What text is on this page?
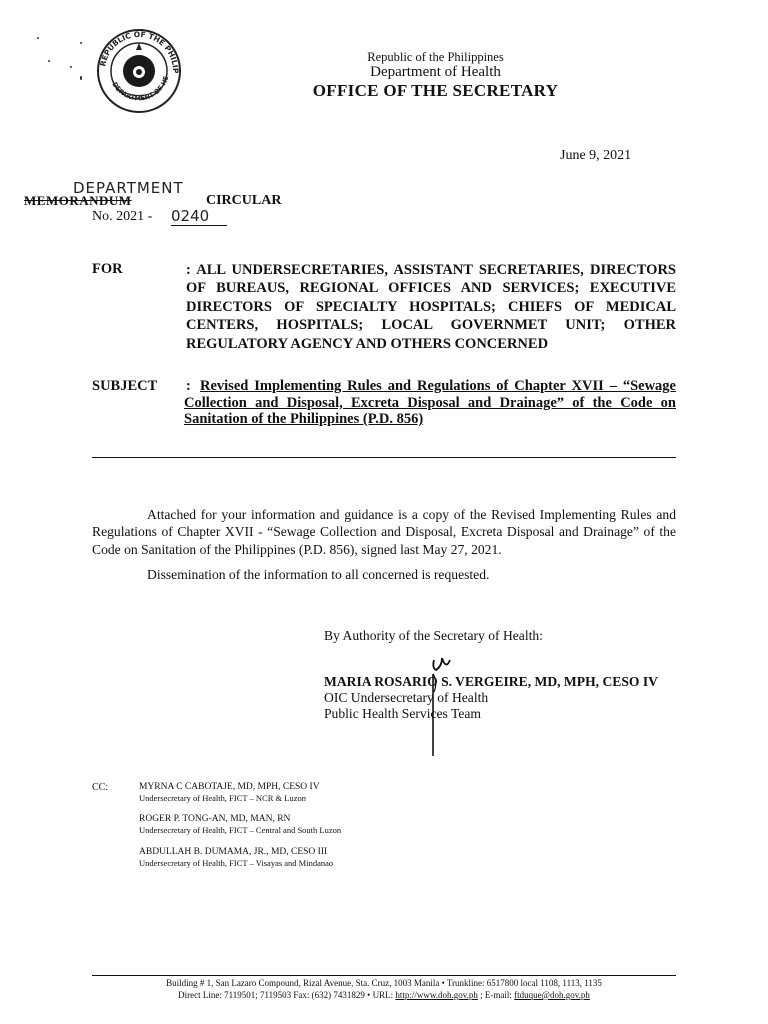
REPUBLIC OF THE PHILIP
DEPARTMENT OF HE
Republic of the Philippines
Department of Health
OFFICE OF THE SECRETARY
June 9, 2021
DEPARTMENT
MEMORANDUM	CIRCULAR
No. 2021 - 0240
FOR	: ALL UNDERSECRETARIES, ASSISTANT SECRETARIES, DIRECTORS OF BUREAUS, REGIONAL OFFICES AND SERVICES; EXECUTIVE DIRECTORS OF SPECIALTY HOSPITALS; CHIEFS OF MEDICAL CENTERS, HOSPITALS; LOCAL GOVERNMET UNIT; OTHER REGULATORY AGENCY AND OTHERS CONCERNED
SUBJECT : Revised Implementing Rules and Regulations of Chapter XVII – “Sewage Collection and Disposal, Excreta Disposal and Drainage” of the Code on Sanitation of the Philippines (P.D. 856)
Attached for your information and guidance is a copy of the Revised Implementing Rules and Regulations of Chapter XVII - “Sewage Collection and Disposal, Excreta Disposal and Drainage” of the Code on Sanitation of the Philippines (P.D. 856), signed last May 27, 2021.
Dissemination of the information to all concerned is requested.
By Authority of the Secretary of Health:
MARIA ROSARIO S. VERGEIRE, MD, MPH, CESO IV
OIC Undersecretary of Health
Public Health Services Team
CC:	MYRNA C CABOTAJE, MD, MPH, CESO IV
Undersecretary of Health, FICT – NCR & Luzon
ROGER P. TONG-AN, MD, MAN, RN
Undersecretary of Health, FICT – Central and South Luzon
ABDULLAH B. DUMAMA, JR., MD, CESO III
Undersecretary of Health, FICT – Visayas and Mindanao
Building # 1, San Lazaro Compound, Rizal Avenue, Sta. Cruz, 1003 Manila • Trunkline: 6517800 local 1108, 1113, 1135
Direct Line: 7119501; 7119503 Fax: (632) 7431829 • URL: http://www.doh.gov.ph ; E-mail: ftduque@doh.gov.ph
